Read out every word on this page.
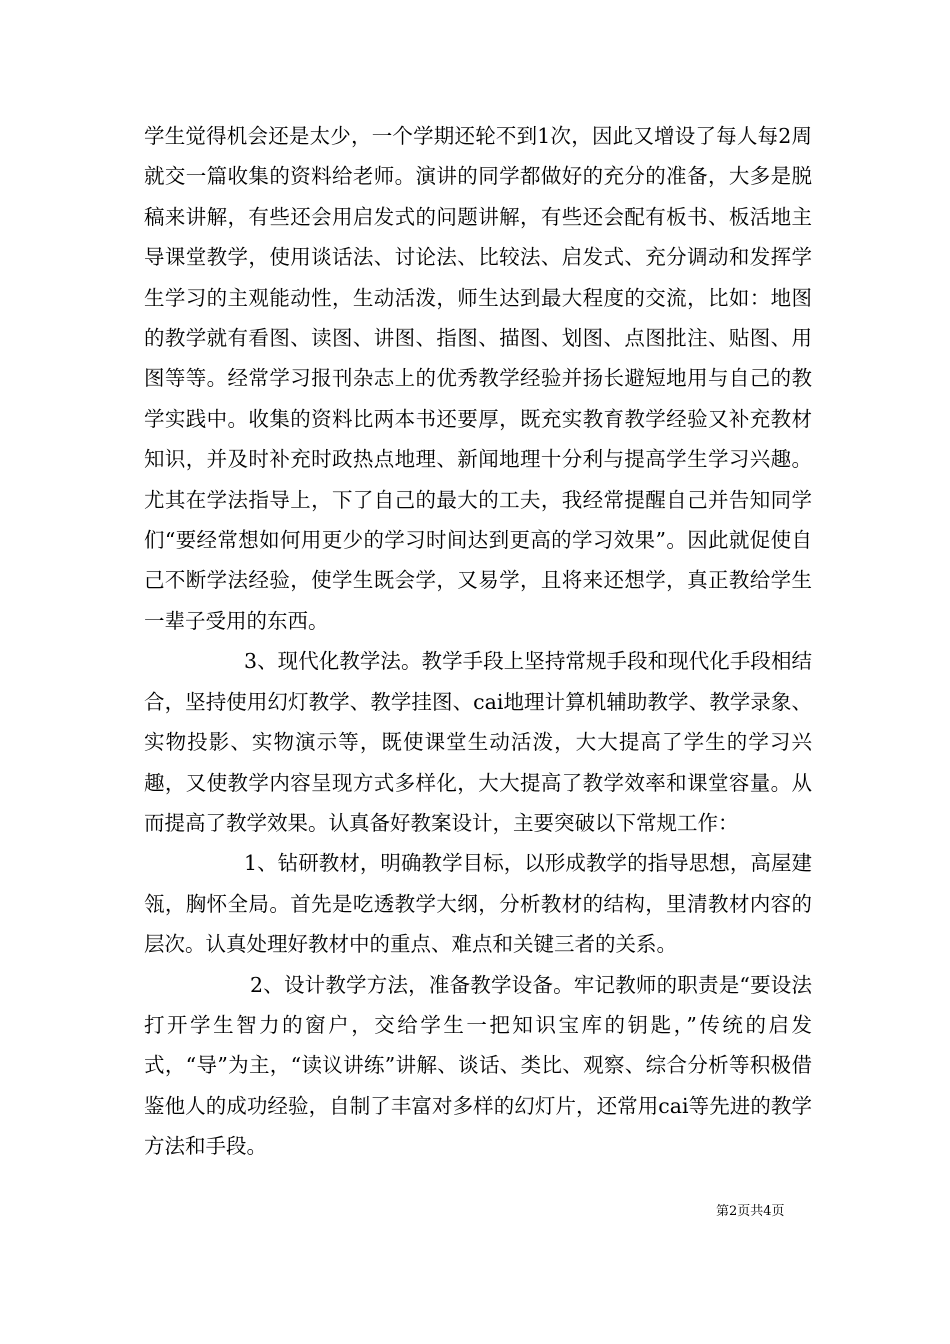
学生觉得机会还是太少，一个学期还轮不到1次，因此又增设了每人每2周就交一篇收集的资料给老师。演讲的同学都做好的充分的准备，大多是脱稿来讲解，有些还会用启发式的问题讲解，有些还会配有板书、板活地主导课堂教学，使用谈话法、讨论法、比较法、启发式、充分调动和发挥学生学习的主观能动性，生动活泼，师生达到最大程度的交流，比如：地图的教学就有看图、读图、讲图、指图、描图、划图、点图批注、贴图、用图等等。经常学习报刊杂志上的优秀教学经验并扬长避短地用与自己的教学实践中。收集的资料比两本书还要厚，既充实教育教学经验又补充教材知识，并及时补充时政热点地理、新闻地理十分利与提高学生学习兴趣。尤其在学法指导上，下了自己的最大的工夫，我经常提醒自己并告知同学们“要经常想如何用更少的学习时间达到更高的学习效果”。因此就促使自己不断学法经验，使学生既会学，又易学，且将来还想学，真正教给学生一辈子受用的东西。

3、现代化教学法。教学手段上坚持常规手段和现代化手段相结合，坚持使用幻灯教学、教学挂图、cai地理计算机辅助教学、教学录象、实物投影、实物演示等，既使课堂生动活泼，大大提高了学生的学习兴趣，又使教学内容呈现方式多样化，大大提高了教学效率和课堂容量。从而提高了教学效果。认真备好教案设计，主要突破以下常规工作：

1、钻研教材，明确教学目标，以形成教学的指导思想，高屋建瓴，胸怀全局。首先是吃透教学大纲，分析教材的结构，里清教材内容的层次。认真处理好教材中的重点、难点和关键三者的关系。

2、设计教学方法，准备教学设备。牢记教师的职责是“要设法打开学生智力的窗户，交给学生一把知识宝库的钥匙，”传统的启发式，“导”为主，“读议讲练”讲解、谈话、类比、观察、综合分析等积极借鉴他人的成功经验，自制了丰富对多样的幻灯片，还常用cai等先进的教学方法和手段。

第2页共4页
